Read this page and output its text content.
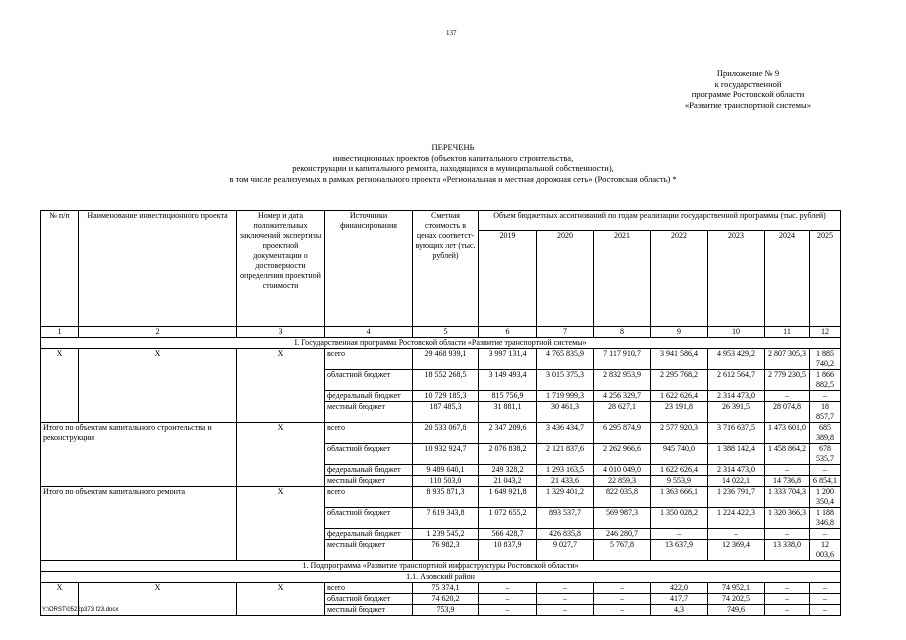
137
Приложение № 9
к государственной
программе Ростовской области
«Развитие транспортной системы»
ПЕРЕЧЕНЬ
инвестиционных проектов (объектов капитального строительства,
реконструкции и капитального ремонта, находящихся в муниципальной собственности),
в том числе реализуемых в рамках регионального проекта «Региональная и местная дорожная сеть» (Ростовская область) *
№ п/п	Наименование инвестиционного проекта	Номер и дата положительных заключений экспертизы проектной документации о достоверности определения проектной стоимости	Источники финансирования	Сметная стоимость в ценах соответст-вующих лет (тыс. рублей)	Объем бюджетных ассигнований по годам реализации государственной программы (тыс. рублей)						
					2019	2020	2021	2022	2023	2024	2025
1	2	3	4	5	6	7	8	9	10	11	12
I. Государственная программа Ростовской области «Развитие транспортной системы»											
X	X	X	всего	29 468 939,1	3 997 131,4	4 765 835,9	7 117 910,7	3 941 586,4	4 953 429,2	2 807 305,3	1 885 740,2
			областной бюджет	18 552 268,5	3 149 493,4	3 015 375,3	2 832 953,9	2 295 768,2	2 612 564,7	2 779 230,5	1 866 882,5
			федеральный бюджет	10 729 185,3	815 756,9	1 719 999,3	4 256 329,7	1 622 626,4	2 314 473,0	–	–
			местный бюджет	187 485,3	31 881,1	30 461,3	28 627,1	23 191,8	26 391,5	28 074,8	18 857,7
Итого по объектам капитального строительства и реконструкции		X	всего	20 533 067,8	2 347 209,6	3 436 434,7	6 295 874,9	2 577 920,3	3 716 637,5	1 473 601,0	685 389,8
			областной бюджет	10 932 924,7	2 076 838,2	2 121 837,6	2 262 966,6	945 740,0	1 388 142,4	1 458 864,2	678 535,7
			федеральный бюджет	9 489 640,1	249 328,2	1 293 163,5	4 010 049,0	1 622 626,4	2 314 473,0	–	–
			местный бюджет	110 503,0	21 043,2	21 433,6	22 859,3	9 553,9	14 022,1	14 736,8	6 854,1
Итого по объектам капитального ремонта		X	всего	8 935 871,3	1 649 921,8	1 329 401,2	822 035,8	1 363 666,1	1 236 791,7	1 333 704,3	1 200 350,4
			областной бюджет	7 619 343,8	1 072 655,2	893 537,7	569 987,3	1 350 028,2	1 224 422,3	1 320 366,3	1 188 346,8
			федеральный бюджет	1 239 545,2	566 428,7	426 835,8	246 280,7	–	–	–	–
			местный бюджет	76 982,3	10 837,9	9 027,7	5 767,8	13 637,9	12 369,4	13 338,0	12 003,6
1. Подпрограмма «Развитие транспортной инфраструктуры Ростовской области»											
1.1. Азовский район											
X	X	X	всего	75 374,1	–	–	–	422,0	74 952,1	–	–
			областной бюджет	74 620,2	–	–	–	417,7	74 202,5	–	–
			местный бюджет	753,9	–	–	–	4,3	749,6	–	–
Y:\ORST\0522p373 f23.docx
